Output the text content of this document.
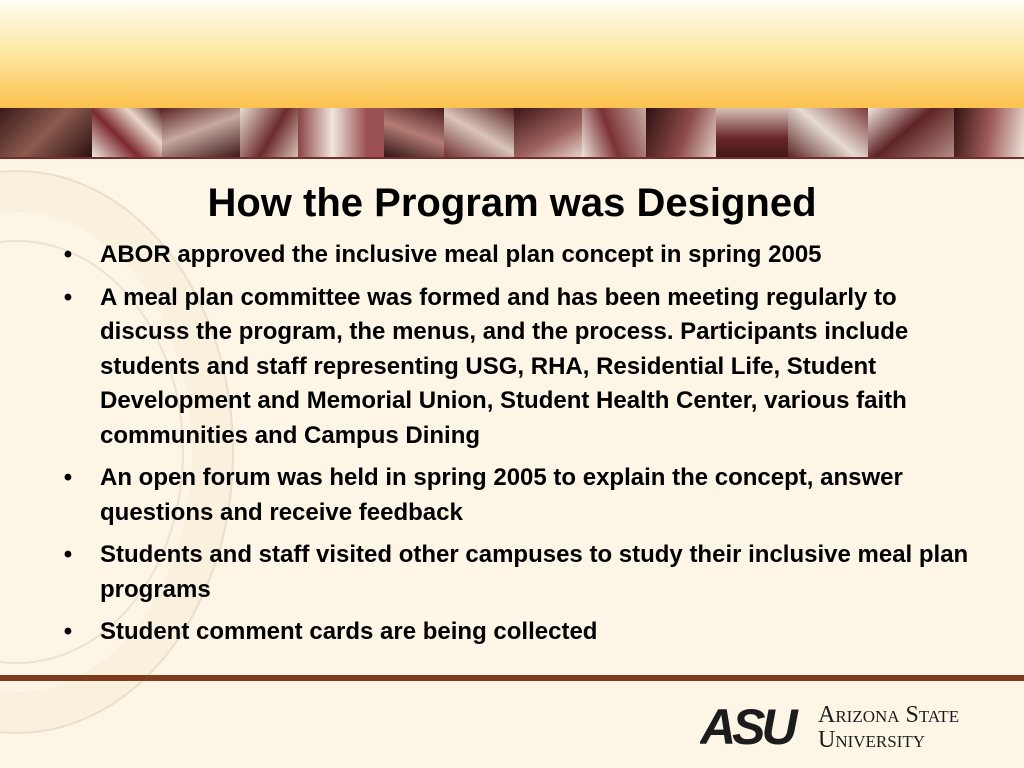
How the Program was Designed
• ABOR approved the inclusive meal plan concept in spring 2005
• A meal plan committee was formed and has been meeting regularly to discuss the program, the menus, and the process. Participants include students and staff representing USG, RHA, Residential Life, Student Development and Memorial Union, Student Health Center, various faith communities and Campus Dining
• An open forum was held in spring 2005 to explain the concept, answer questions and receive feedback
• Students and staff visited other campuses to study their inclusive meal plan programs
• Student comment cards are being collected
ASU Arizona State
University
